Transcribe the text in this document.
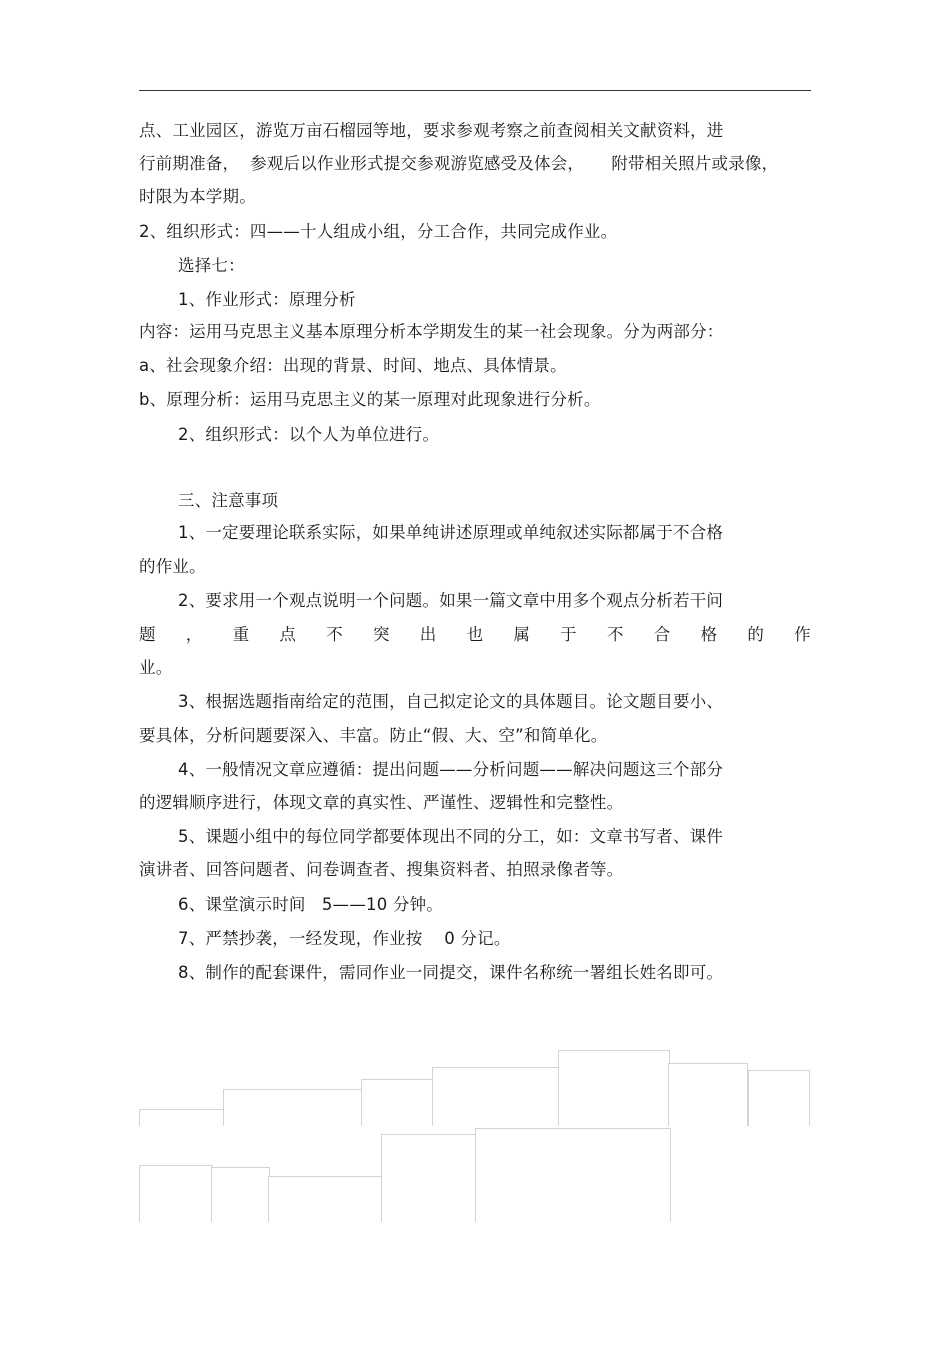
点、工业园区，游览万亩石榴园等地，要求参观考察之前查阅相关文献资料，进
行前期准备，  参观后以作业形式提交参观游览感受及体会，     附带相关照片或录像，
时限为本学期。
2、组织形式：四——十人组成小组，分工合作，共同完成作业。
选择七：
1、作业形式：原理分析
内容：运用马克思主义基本原理分析本学期发生的某一社会现象。分为两部分：
a、社会现象介绍：出现的背景、时间、地点、具体情景。
b、原理分析：运用马克思主义的某一原理对此现象进行分析。
2、组织形式：以个人为单位进行。
三、注意事项
1、一定要理论联系实际，如果单纯讲述原理或单纯叙述实际都属于不合格
的作业。
2、要求用一个观点说明一个问题。如果一篇文章中用多个观点分析若干问
题 ， 重 点 不 突 出 也 属 于 不 合 格 的 作
业。
3、根据选题指南给定的范围，自己拟定论文的具体题目。论文题目要小、
要具体，分析问题要深入、丰富。防止“假、大、空”和简单化。
4、一般情况文章应遵循：提出问题——分析问题——解决问题这三个部分
的逻辑顺序进行，体现文章的真实性、严谨性、逻辑性和完整性。
5、课题小组中的每位同学都要体现出不同的分工，如：文章书写者、课件
演讲者、回答问题者、问卷调查者、搜集资料者、拍照录像者等。
6、课堂演示时间   5——10 分钟。
7、严禁抄袭，一经发现，作业按    0 分记。
8、制作的配套课件，需同作业一同提交，课件名称统一署组长姓名即可。
